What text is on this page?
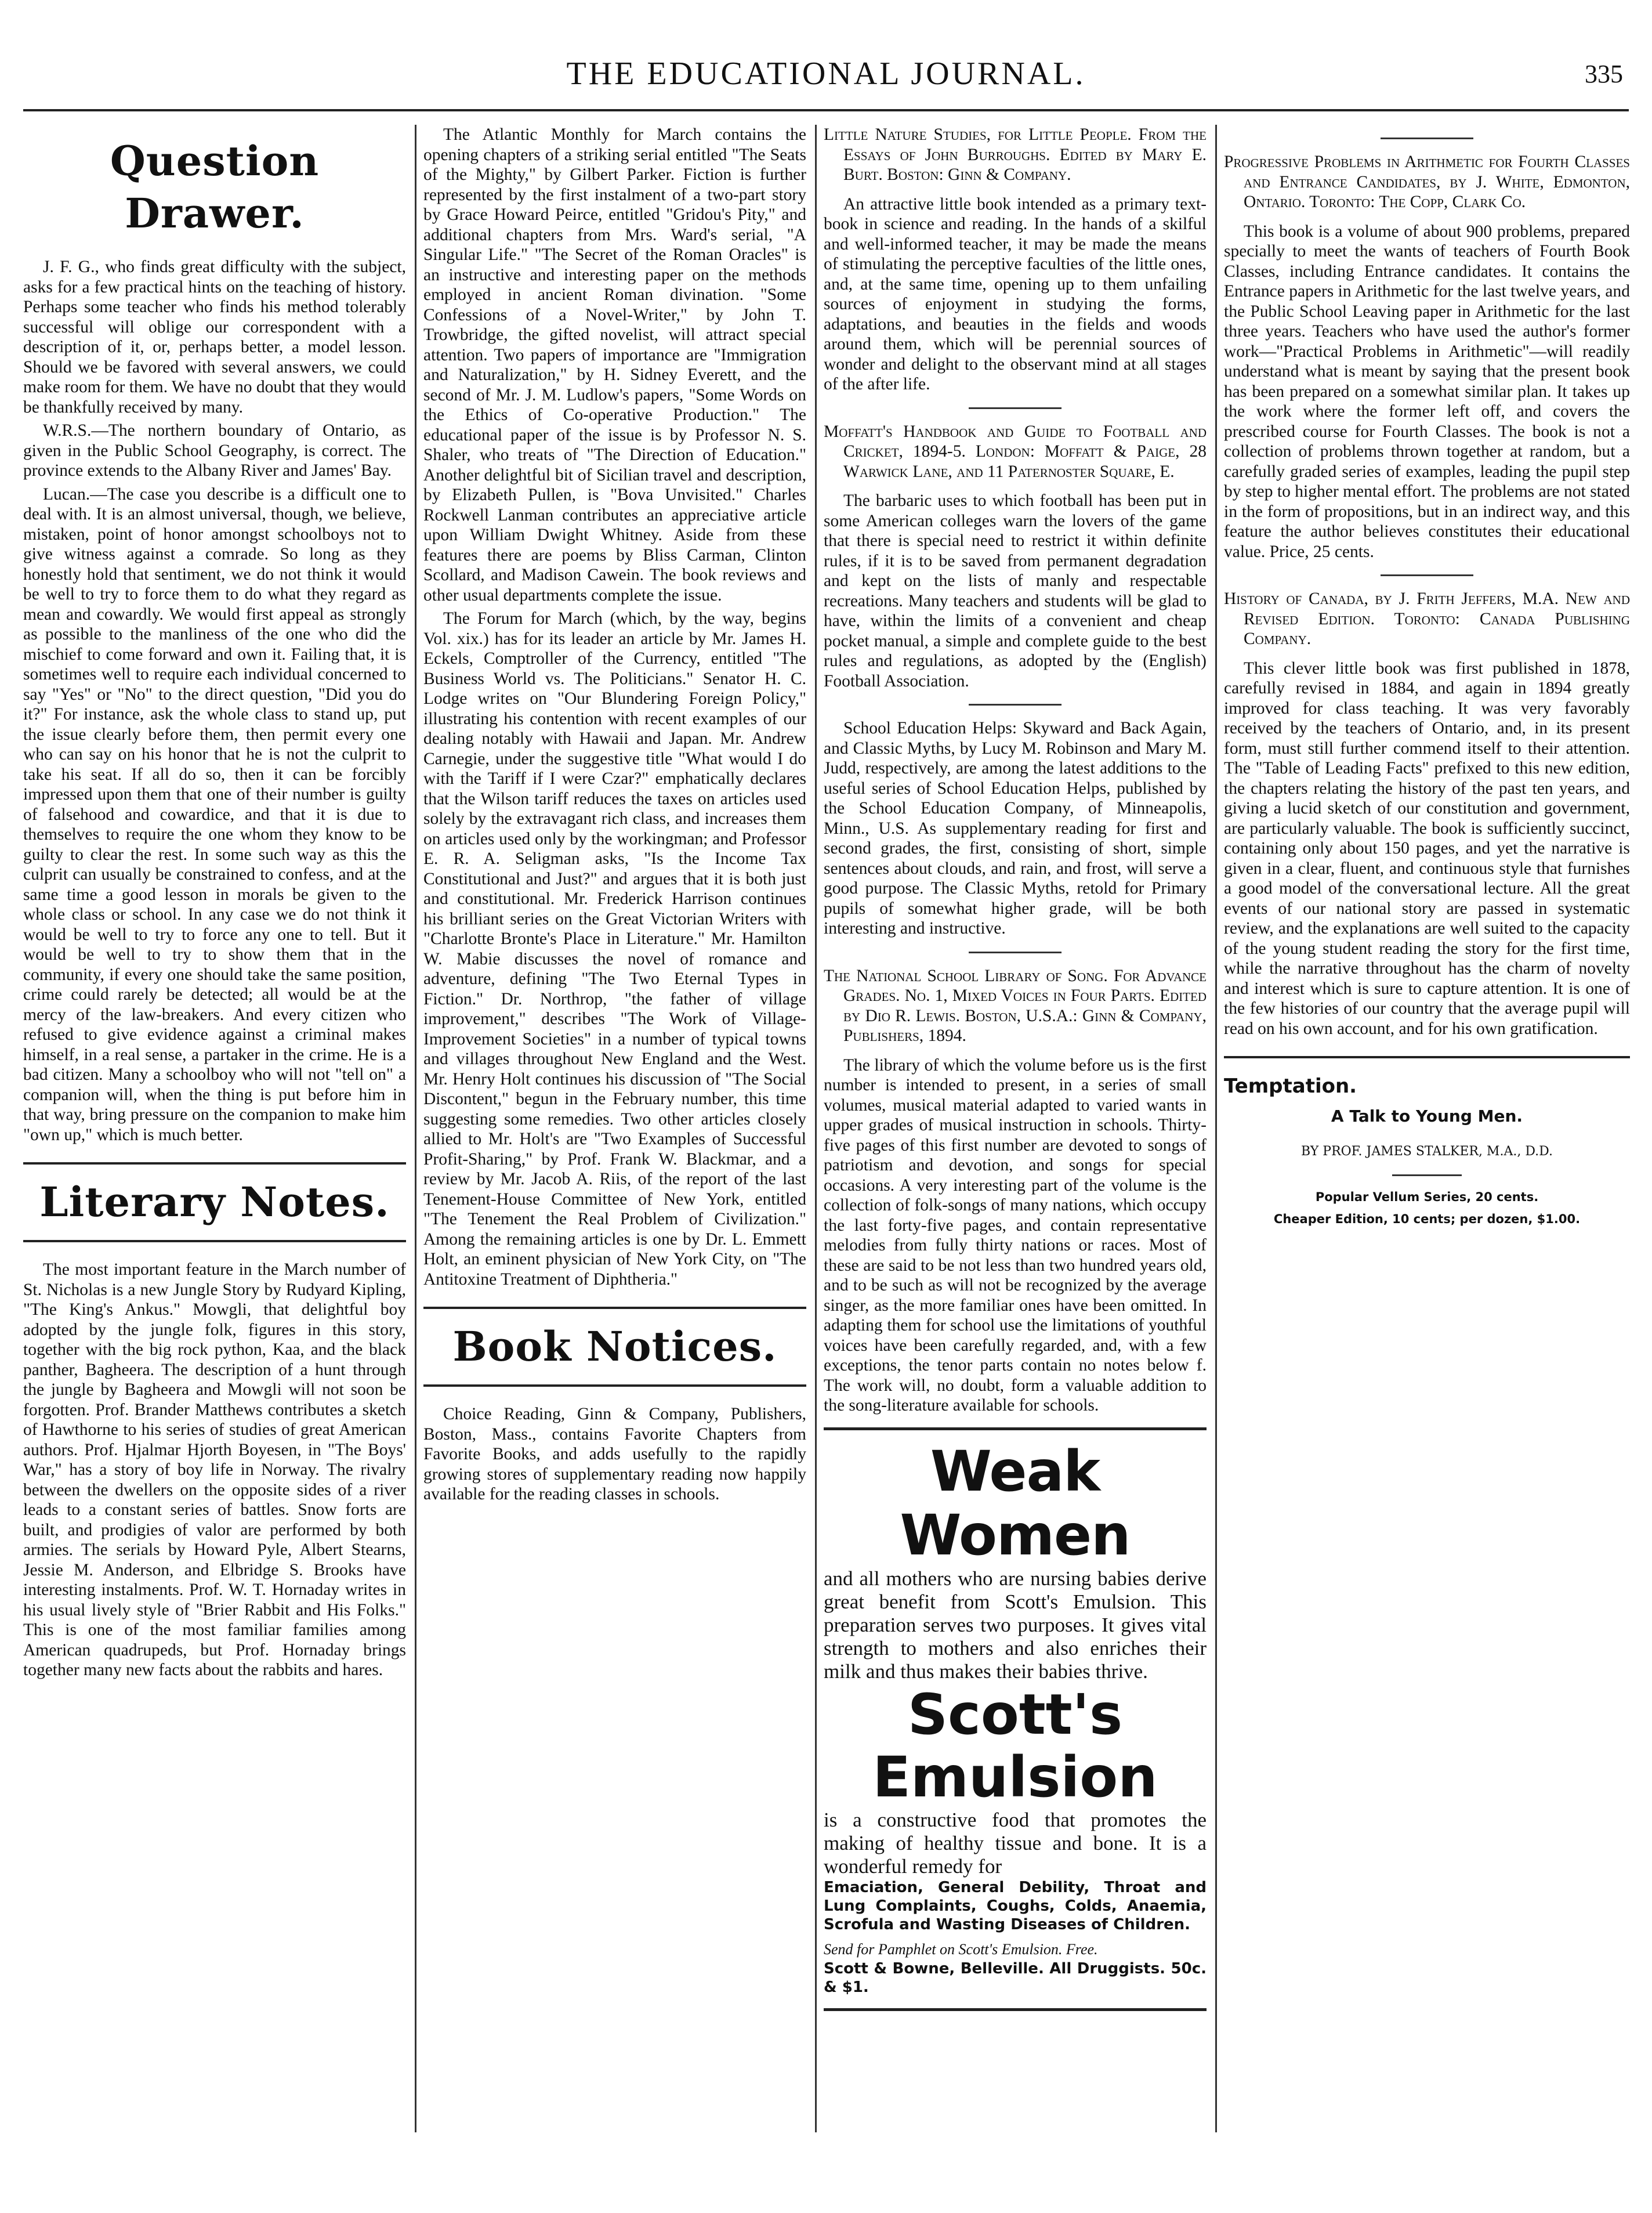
THE EDUCATIONAL JOURNAL.	335
Question Drawer.

J. F. G., who finds great difficulty with the subject, asks for a few practical hints on the teaching of history. Perhaps some teacher who finds his method tolerably successful will oblige our correspondent with a description of it, or, perhaps better, a model lesson. Should we be favored with several answers, we could make room for them. We have no doubt that they would be thankfully received by many.

W.R.S.—The northern boundary of Ontario, as given in the Public School Geography, is correct. The province extends to the Albany River and James' Bay.

Lucan.—The case you describe is a difficult one to deal with. It is an almost universal, though, we believe, mistaken, point of honor amongst schoolboys not to give witness against a comrade. So long as they honestly hold that sentiment, we do not think it would be well to try to force them to do what they regard as mean and cowardly. We would first appeal as strongly as possible to the manliness of the one who did the mischief to come forward and own it. Failing that, it is sometimes well to require each individual concerned to say "Yes" or "No" to the direct question, "Did you do it?" For instance, ask the whole class to stand up, put the issue clearly before them, then permit every one who can say on his honor that he is not the culprit to take his seat. If all do so, then it can be forcibly impressed upon them that one of their number is guilty of falsehood and cowardice, and that it is due to themselves to require the one whom they know to be guilty to clear the rest. In some such way as this the culprit can usually be constrained to confess, and at the same time a good lesson in morals be given to the whole class or school. In any case we do not think it would be well to try to force any one to tell. But it would be well to try to show them that in the community, if every one should take the same position, crime could rarely be detected; all would be at the mercy of the law-breakers. And every citizen who refused to give evidence against a criminal makes himself, in a real sense, a partaker in the crime. He is a bad citizen. Many a schoolboy who will not "tell on" a companion will, when the thing is put before him in that way, bring pressure on the companion to make him "own up," which is much better.

Literary Notes.

The most important feature in the March number of St. Nicholas is a new Jungle Story by Rudyard Kipling, "The King's Ankus." Mowgli, that delightful boy adopted by the jungle folk, figures in this story, together with the big rock python, Kaa, and the black panther, Bagheera. The description of a hunt through the jungle by Bagheera and Mowgli will not soon be forgotten. Prof. Brander Matthews contributes a sketch of Hawthorne to his series of studies of great American authors. Prof. Hjalmar Hjorth Boyesen, in "The Boys' War," has a story of boy life in Norway. The rivalry between the dwellers on the opposite sides of a river leads to a constant series of battles. Snow forts are built, and prodigies of valor are performed by both armies. The serials by Howard Pyle, Albert Stearns, Jessie M. Anderson, and Elbridge S. Brooks have interesting instalments. Prof. W. T. Hornaday writes in his usual lively style of "Brier Rabbit and His Folks." This is one of the most familiar families among American quadrupeds, but Prof. Hornaday brings together many new facts about the rabbits and hares.

The Atlantic Monthly for March contains the opening chapters of a striking serial entitled "The Seats of the Mighty," by Gilbert Parker. Fiction is further represented by the first instalment of a two-part story by Grace Howard Peirce, entitled "Gridou's Pity," and additional chapters from Mrs. Ward's serial, "A Singular Life." "The Secret of the Roman Oracles" is an instructive and interesting paper on the methods employed in ancient Roman divination. "Some Confessions of a Novel-Writer," by John T. Trowbridge, the gifted novelist, will attract special attention. Two papers of importance are "Immigration and Naturalization," by H. Sidney Everett, and the second of Mr. J. M. Ludlow's papers, "Some Words on the Ethics of Co-operative Production." The educational paper of the issue is by Professor N. S. Shaler, who treats of "The Direction of Education." Another delightful bit of Sicilian travel and description, by Elizabeth Pullen, is "Bova Unvisited." Charles Rockwell Lanman contributes an appreciative article upon William Dwight Whitney. Aside from these features there are poems by Bliss Carman, Clinton Scollard, and Madison Cawein. The book reviews and other usual departments complete the issue.

The Forum for March (which, by the way, begins Vol. xix.) has for its leader an article by Mr. James H. Eckels, Comptroller of the Currency, entitled "The Business World vs. The Politicians." Senator H. C. Lodge writes on "Our Blundering Foreign Policy," illustrating his contention with recent examples of our dealing notably with Hawaii and Japan. Mr. Andrew Carnegie, under the suggestive title "What would I do with the Tariff if I were Czar?" emphatically declares that the Wilson tariff reduces the taxes on articles used solely by the extravagant rich class, and increases them on articles used only by the workingman; and Professor E. R. A. Seligman asks, "Is the Income Tax Constitutional and Just?" and argues that it is both just and constitutional. Mr. Frederick Harrison continues his brilliant series on the Great Victorian Writers with "Charlotte Bronte's Place in Literature." Mr. Hamilton W. Mabie discusses the novel of romance and adventure, defining "The Two Eternal Types in Fiction." Dr. Northrop, "the father of village improvement," describes "The Work of Village-Improvement Societies" in a number of typical towns and villages throughout New England and the West. Mr. Henry Holt continues his discussion of "The Social Discontent," begun in the February number, this time suggesting some remedies. Two other articles closely allied to Mr. Holt's are "Two Examples of Successful Profit-Sharing," by Prof. Frank W. Blackmar, and a review by Mr. Jacob A. Riis, of the report of the last Tenement-House Committee of New York, entitled "The Tenement the Real Problem of Civilization." Among the remaining articles is one by Dr. L. Emmett Holt, an eminent physician of New York City, on "The Antitoxine Treatment of Diphtheria."

Book Notices.

Choice Reading, Ginn & Company, Publishers, Boston, Mass., contains Favorite Chapters from Favorite Books, and adds usefully to the rapidly growing stores of supplementary reading now happily available for the reading classes in schools.

Little Nature Studies, for Little People. From the Essays of John Burroughs. Edited by Mary E. Burt. Boston: Ginn & Company.

An attractive little book intended as a primary text-book in science and reading. In the hands of a skilful and well-informed teacher, it may be made the means of stimulating the perceptive faculties of the little ones, and, at the same time, opening up to them unfailing sources of enjoyment in studying the forms, adaptations, and beauties in the fields and woods around them, which will be perennial sources of wonder and delight to the observant mind at all stages of the after life.

Moffatt's Handbook and Guide to Football and Cricket, 1894-5. London: Moffatt & Paige, 28 Warwick Lane, and 11 Paternoster Square, E.

The barbaric uses to which football has been put in some American colleges warn the lovers of the game that there is special need to restrict it within definite rules, if it is to be saved from permanent degradation and kept on the lists of manly and respectable recreations. Many teachers and students will be glad to have, within the limits of a convenient and cheap pocket manual, a simple and complete guide to the best rules and regulations, as adopted by the (English) Football Association.

School Education Helps: Skyward and Back Again, and Classic Myths, by Lucy M. Robinson and Mary M. Judd, respectively, are among the latest additions to the useful series of School Education Helps, published by the School Education Company, of Minneapolis, Minn., U.S. As supplementary reading for first and second grades, the first, consisting of short, simple sentences about clouds, and rain, and frost, will serve a good purpose. The Classic Myths, retold for Primary pupils of somewhat higher grade, will be both interesting and instructive.

The National School Library of Song. For Advance Grades. No. 1, Mixed Voices in Four Parts. Edited by Dio R. Lewis. Boston, U.S.A.: Ginn & Company, Publishers, 1894.

The library of which the volume before us is the first number is intended to present, in a series of small volumes, musical material adapted to varied wants in upper grades of musical instruction in schools. Thirty-five pages of this first number are devoted to songs of patriotism and devotion, and songs for special occasions. A very interesting part of the volume is the collection of folk-songs of many nations, which occupy the last forty-five pages, and contain representative melodies from fully thirty nations or races. Most of these are said to be not less than two hundred years old, and to be such as will not be recognized by the average singer, as the more familiar ones have been omitted. In adapting them for school use the limitations of youthful voices have been carefully regarded, and, with a few exceptions, the tenor parts contain no notes below f. The work will, no doubt, form a valuable addition to the song-literature available for schools.

Weak Women
and all mothers who are nursing babies derive great benefit from Scott's Emulsion. This preparation serves two purposes. It gives vital strength to mothers and also enriches their milk and thus makes their babies thrive.
Scott's
Emulsion
is a constructive food that promotes the making of healthy tissue and bone. It is a wonderful remedy for
Emaciation, General Debility, Throat and Lung Complaints, Coughs, Colds, Anaemia, Scrofula and Wasting Diseases of Children.
Send for Pamphlet on Scott's Emulsion. Free.
Scott & Bowne, Belleville. All Druggists. 50c. & $1.
Progressive Problems in Arithmetic for Fourth Classes and Entrance Candidates, by J. White, Edmonton, Ontario. Toronto: The Copp, Clark Co.

This book is a volume of about 900 problems, prepared specially to meet the wants of teachers of Fourth Book Classes, including Entrance candidates. It contains the Entrance papers in Arithmetic for the last twelve years, and the Public School Leaving paper in Arithmetic for the last three years. Teachers who have used the author's former work—"Practical Problems in Arithmetic"—will readily understand what is meant by saying that the present book has been prepared on a somewhat similar plan. It takes up the work where the former left off, and covers the prescribed course for Fourth Classes. The book is not a collection of problems thrown together at random, but a carefully graded series of examples, leading the pupil step by step to higher mental effort. The problems are not stated in the form of propositions, but in an indirect way, and this feature the author believes constitutes their educational value. Price, 25 cents.

History of Canada, by J. Frith Jeffers, M.A. New and Revised Edition. Toronto: Canada Publishing Company.

This clever little book was first published in 1878, carefully revised in 1884, and again in 1894 greatly improved for class teaching. It was very favorably received by the teachers of Ontario, and, in its present form, must still further commend itself to their attention. The "Table of Leading Facts" prefixed to this new edition, the chapters relating the history of the past ten years, and giving a lucid sketch of our constitution and government, are particularly valuable. The book is sufficiently succinct, containing only about 150 pages, and yet the narrative is given in a clear, fluent, and continuous style that furnishes a good model of the conversational lecture. All the great events of our national story are passed in systematic review, and the explanations are well suited to the capacity of the young student reading the story for the first time, while the narrative throughout has the charm of novelty and interest which is sure to capture attention. It is one of the few histories of our country that the average pupil will read on his own account, and for his own gratification.

Temptation.
A Talk to Young Men.
BY PROF. JAMES STALKER, M.A., D.D.
Popular Vellum Series, 20 cents.
Cheaper Edition, 10 cents; per dozen, $1.00.
